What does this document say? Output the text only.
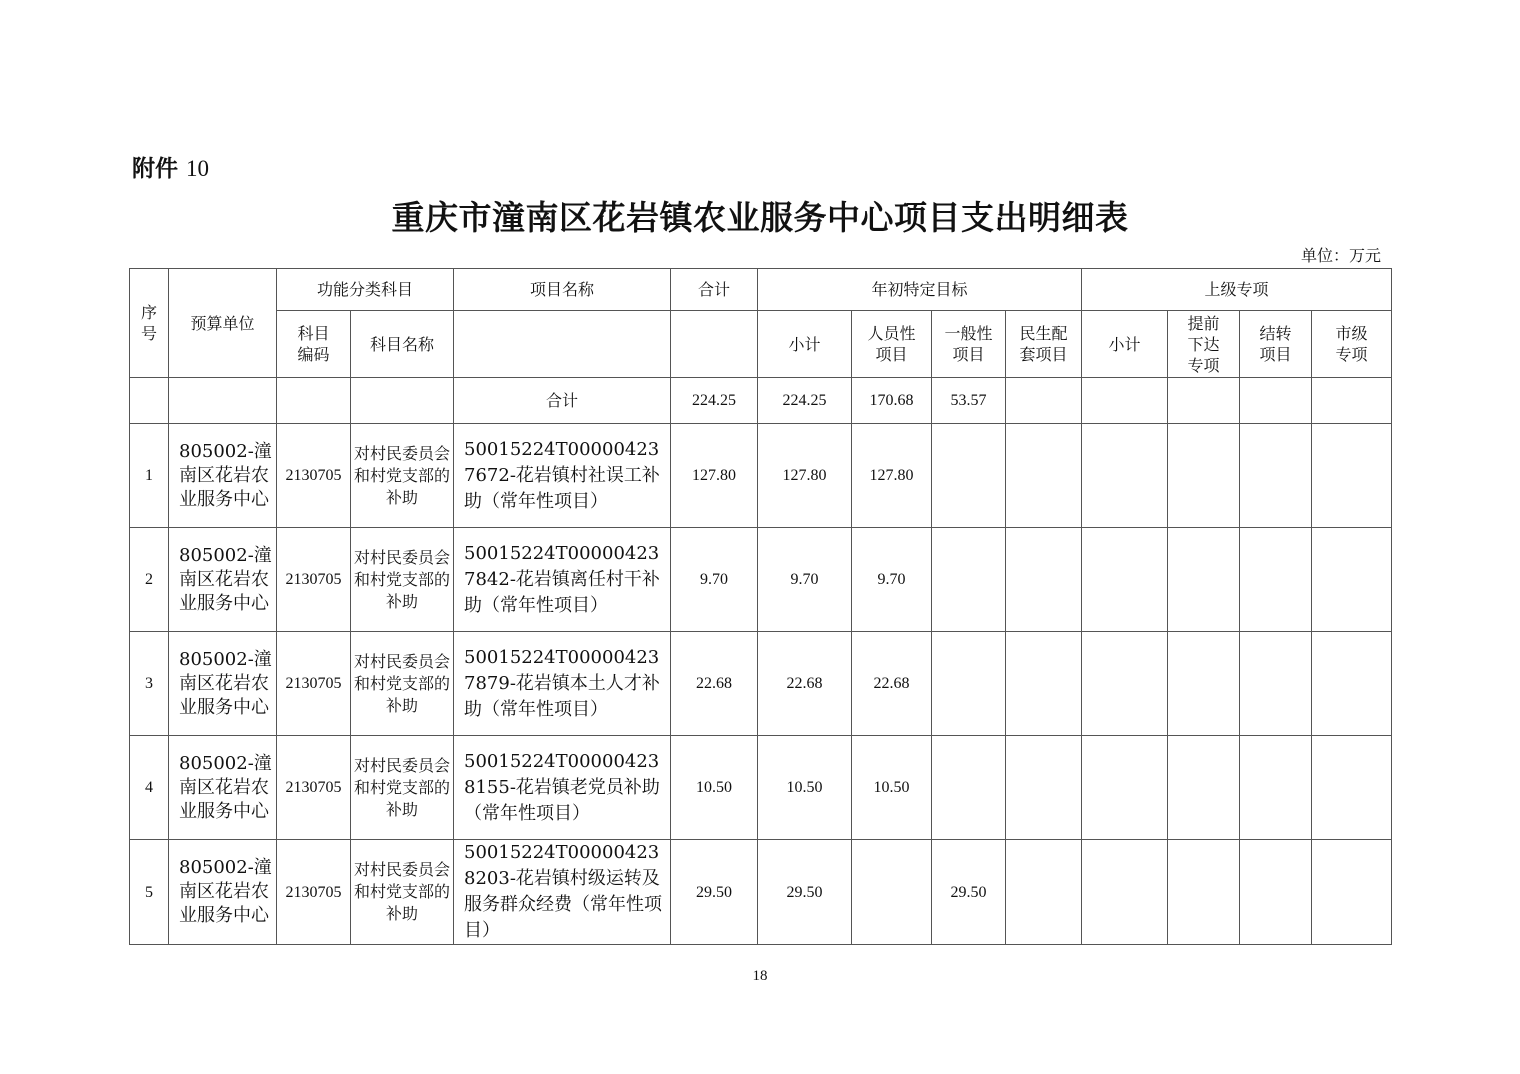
附件 10
重庆市潼南区花岩镇农业服务中心项目支出明细表
单位：万元
序号	预算单位	功能分类科目		项目名称	合计	年初特定目标				上级专项			
		科目编码	科目名称			小计	人员性项目	一般性项目	民生配套项目	小计	提前下达专项	结转项目	市级专项
				合计	224.25	224.25	170.68	53.57					
1	805002-潼南区花岩农业服务中心	2130705	对村民委员会和村党支部的补助	50015224T000004237672-花岩镇村社误工补助（常年性项目）	127.80	127.80	127.80						
2	805002-潼南区花岩农业服务中心	2130705	对村民委员会和村党支部的补助	50015224T000004237842-花岩镇离任村干补助（常年性项目）	9.70	9.70	9.70						
3	805002-潼南区花岩农业服务中心	2130705	对村民委员会和村党支部的补助	50015224T000004237879-花岩镇本土人才补助（常年性项目）	22.68	22.68	22.68						
4	805002-潼南区花岩农业服务中心	2130705	对村民委员会和村党支部的补助	50015224T000004238155-花岩镇老党员补助（常年性项目）	10.50	10.50	10.50						
5	805002-潼南区花岩农业服务中心	2130705	对村民委员会和村党支部的补助	50015224T000004238203-花岩镇村级运转及服务群众经费（常年性项目）	29.50	29.50		29.50					
18
